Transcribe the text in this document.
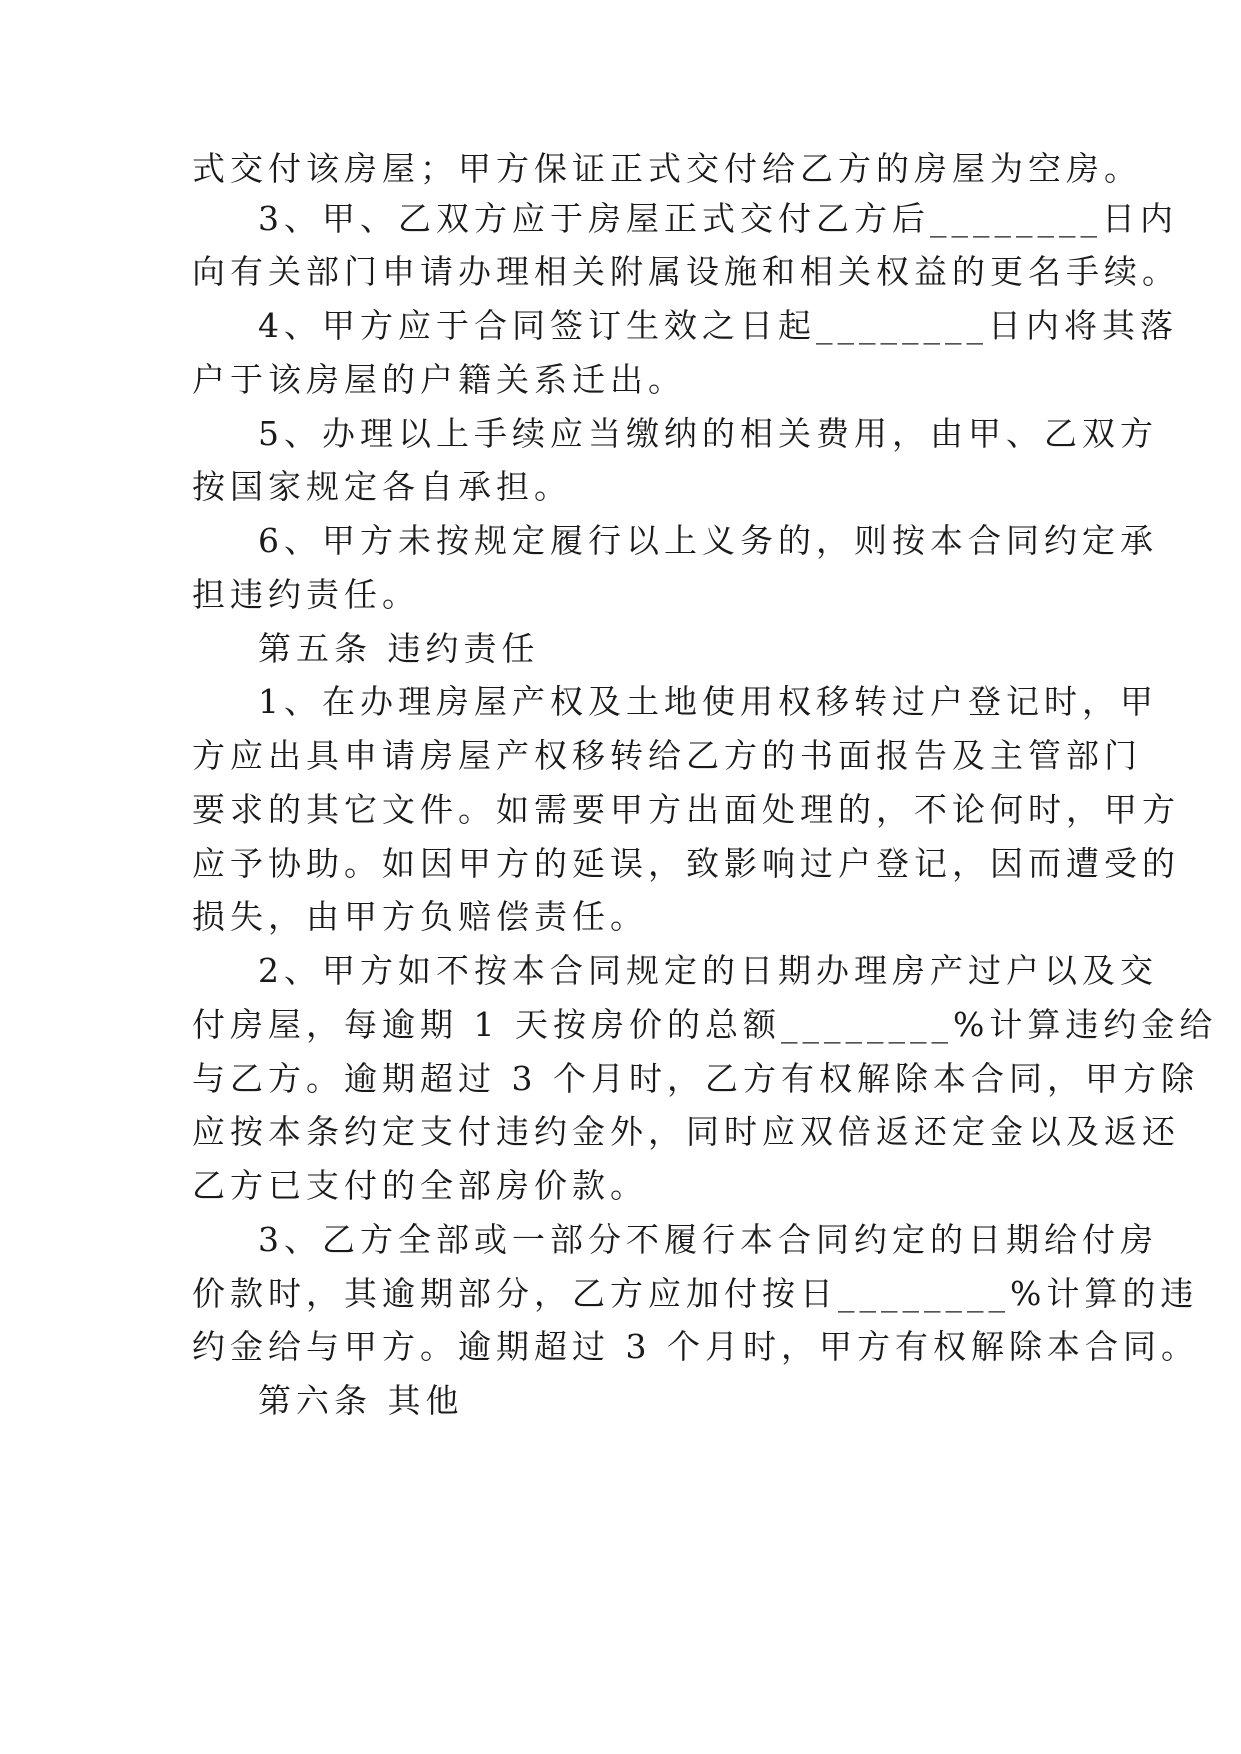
式交付该房屋；甲方保证正式交付给乙方的房屋为空房。

3、甲、乙双方应于房屋正式交付乙方后________日内

向有关部门申请办理相关附属设施和相关权益的更名手续。

4、甲方应于合同签订生效之日起________日内将其落

户于该房屋的户籍关系迁出。

5、办理以上手续应当缴纳的相关费用，由甲、乙双方

按国家规定各自承担。

6、甲方未按规定履行以上义务的，则按本合同约定承

担违约责任。

第五条 违约责任

1、在办理房屋产权及土地使用权移转过户登记时，甲

方应出具申请房屋产权移转给乙方的书面报告及主管部门

要求的其它文件。如需要甲方出面处理的，不论何时，甲方

应予协助。如因甲方的延误，致影响过户登记，因而遭受的

损失，由甲方负赔偿责任。

2、甲方如不按本合同规定的日期办理房产过户以及交

付房屋，每逾期 1 天按房价的总额________%计算违约金给

与乙方。逾期超过 3 个月时，乙方有权解除本合同，甲方除

应按本条约定支付违约金外，同时应双倍返还定金以及返还

乙方已支付的全部房价款。

3、乙方全部或一部分不履行本合同约定的日期给付房

价款时，其逾期部分，乙方应加付按日________%计算的违

约金给与甲方。逾期超过 3 个月时，甲方有权解除本合同。

第六条 其他
